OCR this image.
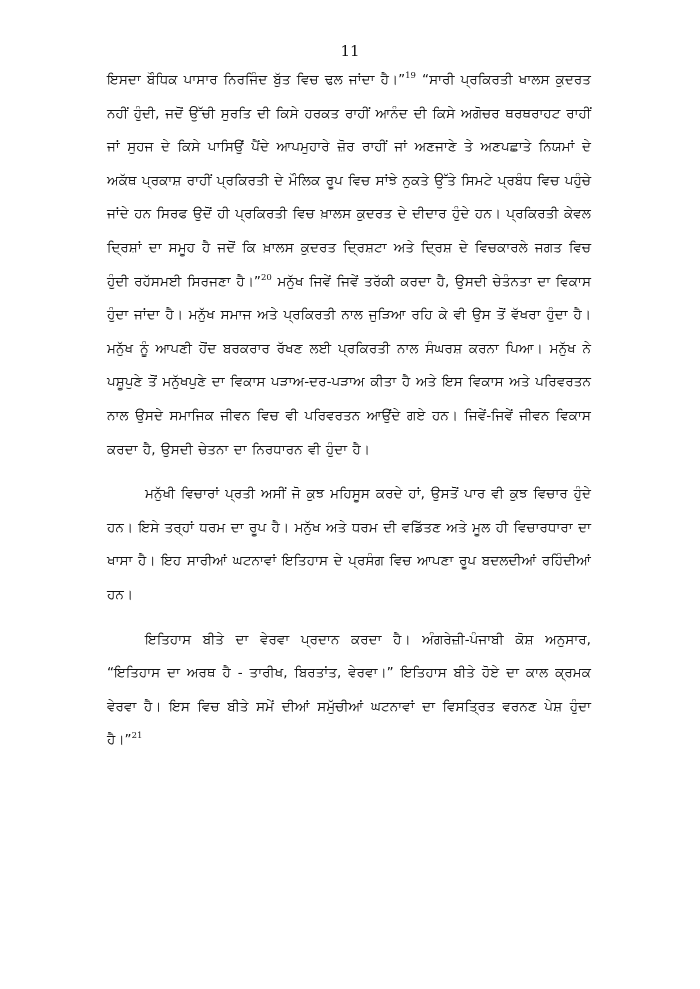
11

ਇਸਦਾ ਬੌਧਿਕ ਪਾਸਾਰ ਨਿਰਜਿੰਦ ਬੁੱਤ ਵਿਚ ਢਲ ਜਾਂਦਾ ਹੈ।”$^{19}$ “ਸਾਰੀ ਪ੍ਰਕਿਰਤੀ ਖਾਲਸ ਕੁਦਰਤ ਨਹੀਂ ਹੁੰਦੀ, ਜਦੋਂ ਉੱਚੀ ਸੁਰਤਿ ਦੀ ਕਿਸੇ ਹਰਕਤ ਰਾਹੀਂ ਆਨੰਦ ਦੀ ਕਿਸੇ ਅਗੋਚਰ ਥਰਥਰਾਹਟ ਰਾਹੀਂ ਜਾਂ ਸੁਹਜ ਦੇ ਕਿਸੇ ਪਾਸਿਉਂ ਪੈਂਦੇ ਆਪਮੁਹਾਰੇ ਜ਼ੋਰ ਰਾਹੀਂ ਜਾਂ ਅਣਜਾਣੇ ਤੇ ਅਣਪਛਾਤੇ ਨਿਯਮਾਂ ਦੇ ਅਕੱਥ ਪ੍ਰਕਾਸ਼ ਰਾਹੀਂ ਪ੍ਰਕਿਰਤੀ ਦੇ ਮੌਲਿਕ ਰੂਪ ਵਿਚ ਸਾਂਝੇ ਨੁਕਤੇ ਉੱਤੇ ਸਿਮਟੇ ਪ੍ਰਬੰਧ ਵਿਚ ਪਹੁੰਚੇ ਜਾਂਦੇ ਹਨ ਸਿਰਫ ਉਦੋਂ ਹੀ ਪ੍ਰਕਿਰਤੀ ਵਿਚ ਖ਼ਾਲਸ ਕੁਦਰਤ ਦੇ ਦੀਦਾਰ ਹੁੰਦੇ ਹਨ। ਪ੍ਰਕਿਰਤੀ ਕੇਵਲ ਦ੍ਰਿਸ਼ਾਂ ਦਾ ਸਮੂਹ ਹੈ ਜਦੋਂ ਕਿ ਖ਼ਾਲਸ ਕੁਦਰਤ ਦ੍ਰਿਸ਼ਟਾ ਅਤੇ ਦ੍ਰਿਸ਼ ਦੇ ਵਿਚਕਾਰਲੇ ਜਗਤ ਵਿਚ ਹੁੰਦੀ ਰਹੱਸਮਈ ਸਿਰਜਣਾ ਹੈ।”$^{20}$ ਮਨੁੱਖ ਜਿਵੇਂ ਜਿਵੇਂ ਤਰੱਕੀ ਕਰਦਾ ਹੈ, ਉਸਦੀ ਚੇਤੰਨਤਾ ਦਾ ਵਿਕਾਸ ਹੁੰਦਾ ਜਾਂਦਾ ਹੈ। ਮਨੁੱਖ ਸਮਾਜ ਅਤੇ ਪ੍ਰਕਿਰਤੀ ਨਾਲ ਜੁੜਿਆ ਰਹਿ ਕੇ ਵੀ ਉਸ ਤੋਂ ਵੱਖਰਾ ਹੁੰਦਾ ਹੈ। ਮਨੁੱਖ ਨੂੰ ਆਪਣੀ ਹੋਂਦ ਬਰਕਰਾਰ ਰੱਖਣ ਲਈ ਪ੍ਰਕਿਰਤੀ ਨਾਲ ਸੰਘਰਸ਼ ਕਰਨਾ ਪਿਆ। ਮਨੁੱਖ ਨੇ ਪਸ਼ੂਪੁਣੇ ਤੋਂ ਮਨੁੱਖਪੁਣੇ ਦਾ ਵਿਕਾਸ ਪੜਾਅ-ਦਰ-ਪੜਾਅ ਕੀਤਾ ਹੈ ਅਤੇ ਇਸ ਵਿਕਾਸ ਅਤੇ ਪਰਿਵਰਤਨ ਨਾਲ ਉਸਦੇ ਸਮਾਜਿਕ ਜੀਵਨ ਵਿਚ ਵੀ ਪਰਿਵਰਤਨ ਆਉਂਦੇ ਗਏ ਹਨ। ਜਿਵੇਂ-ਜਿਵੇਂ ਜੀਵਨ ਵਿਕਾਸ ਕਰਦਾ ਹੈ, ਉਸਦੀ ਚੇਤਨਾ ਦਾ ਨਿਰਧਾਰਨ ਵੀ ਹੁੰਦਾ ਹੈ।

ਮਨੁੱਖੀ ਵਿਚਾਰਾਂ ਪ੍ਰਤੀ ਅਸੀਂ ਜੋ ਕੁਝ ਮਹਿਸੂਸ ਕਰਦੇ ਹਾਂ, ਉਸਤੋਂ ਪਾਰ ਵੀ ਕੁਝ ਵਿਚਾਰ ਹੁੰਦੇ ਹਨ। ਇਸੇ ਤਰ੍ਹਾਂ ਧਰਮ ਦਾ ਰੂਪ ਹੈ। ਮਨੁੱਖ ਅਤੇ ਧਰਮ ਦੀ ਵਡਿੱਤਣ ਅਤੇ ਮੂਲ ਹੀ ਵਿਚਾਰਧਾਰਾ ਦਾ ਖਾਸਾ ਹੈ। ਇਹ ਸਾਰੀਆਂ ਘਟਨਾਵਾਂ ਇਤਿਹਾਸ ਦੇ ਪ੍ਰਸੰਗ ਵਿਚ ਆਪਣਾ ਰੂਪ ਬਦਲਦੀਆਂ ਰਹਿੰਦੀਆਂ ਹਨ।

ਇਤਿਹਾਸ ਬੀਤੇ ਦਾ ਵੇਰਵਾ ਪ੍ਰਦਾਨ ਕਰਦਾ ਹੈ। ਅੰਗਰੇਜ਼ੀ-ਪੰਜਾਬੀ ਕੋਸ਼ ਅਨੁਸਾਰ, “ਇਤਿਹਾਸ ਦਾ ਅਰਥ ਹੈ - ਤਾਰੀਖ, ਬਿਰਤਾਂਤ, ਵੇਰਵਾ।” ਇਤਿਹਾਸ ਬੀਤੇ ਹੋਏ ਦਾ ਕਾਲ ਕ੍ਰਮਕ ਵੇਰਵਾ ਹੈ। ਇਸ ਵਿਚ ਬੀਤੇ ਸਮੇਂ ਦੀਆਂ ਸਮੁੱਚੀਆਂ ਘਟਨਾਵਾਂ ਦਾ ਵਿਸਤ੍ਰਿਤ ਵਰਨਣ ਪੇਸ਼ ਹੁੰਦਾ ਹੈ।”$^{21}$
